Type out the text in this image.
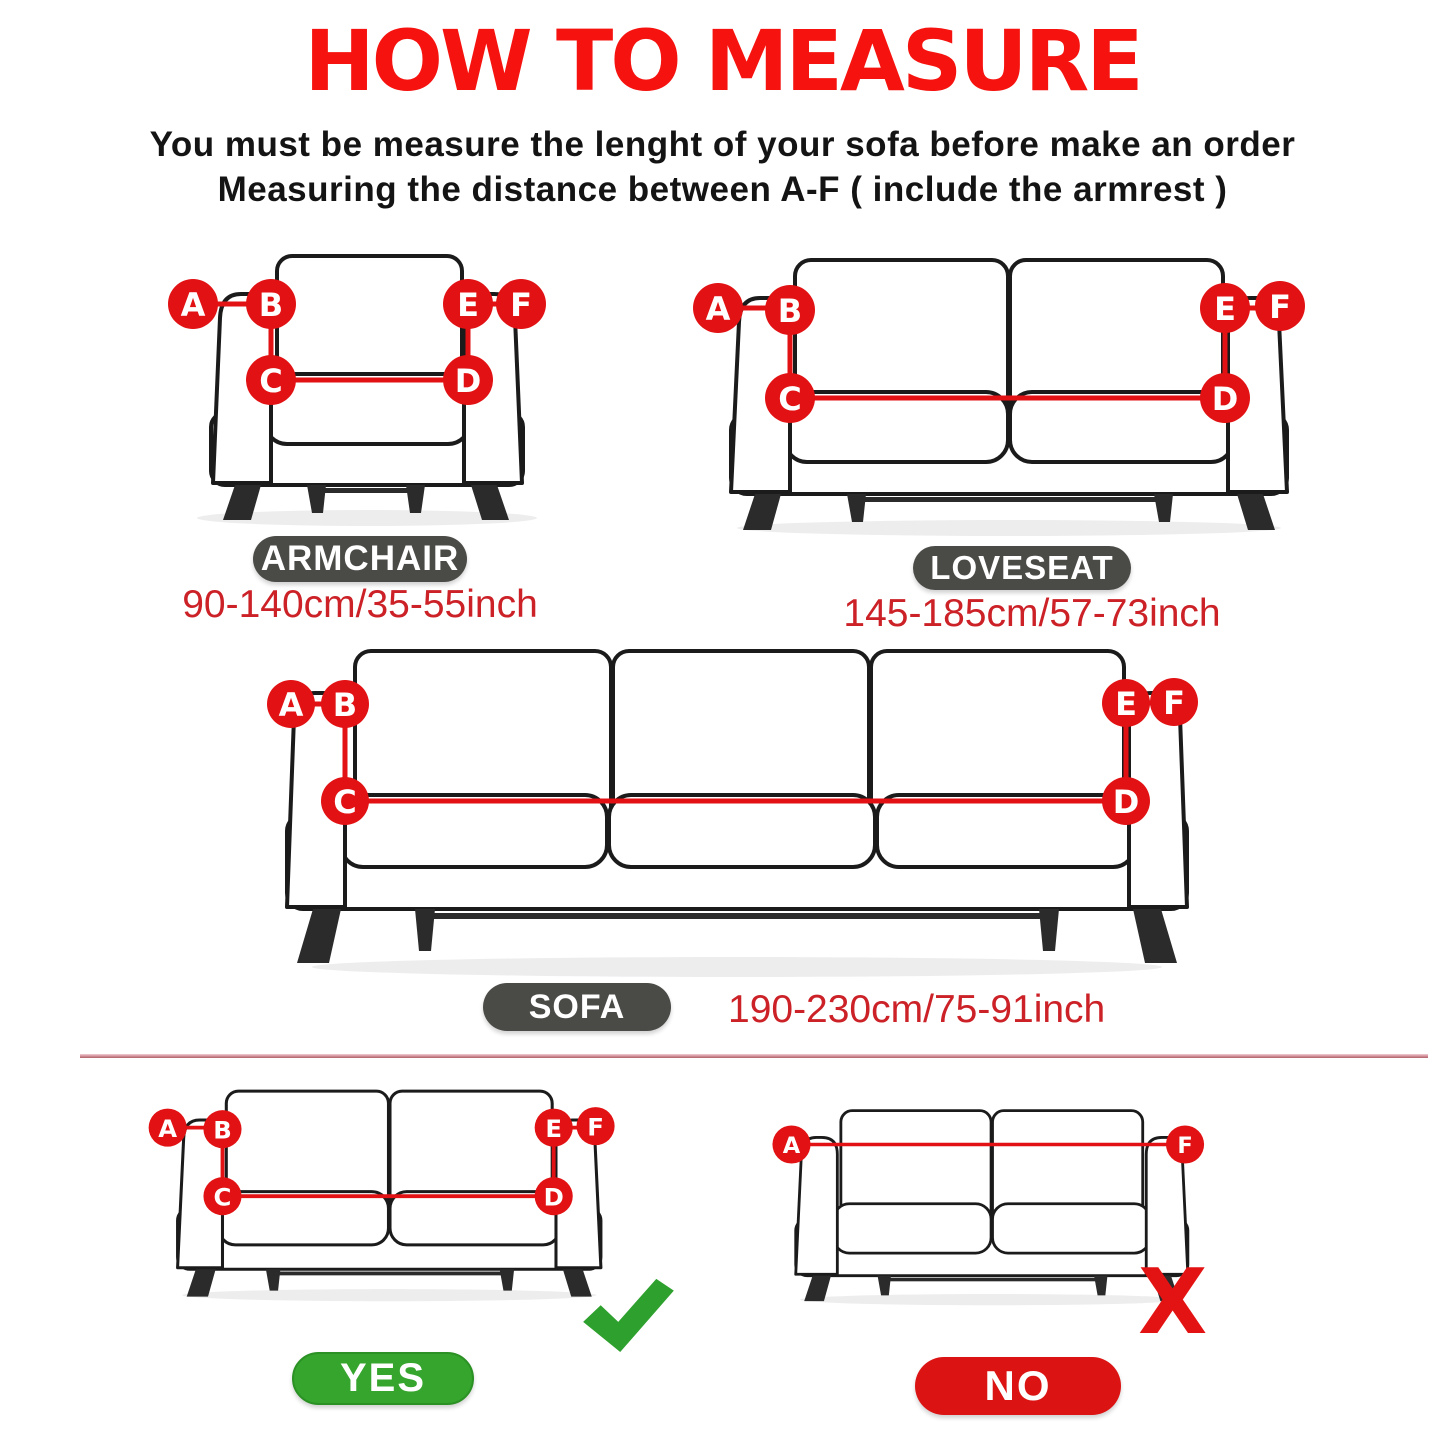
HOW TO MEASURE
You must be measure the lenght of your sofa before make an order
Measuring the distance between A-F ( include the armrest )
A B
C	D
E F
ARMCHAIR
90-140cm/35-55inch
A B
C	D
E F
LOVESEAT
145-185cm/57-73inch
A B
C	D
E F
SOFA	190-230cm/75-91inch
A B
C	D
E F
YES
A	F
X
NO
